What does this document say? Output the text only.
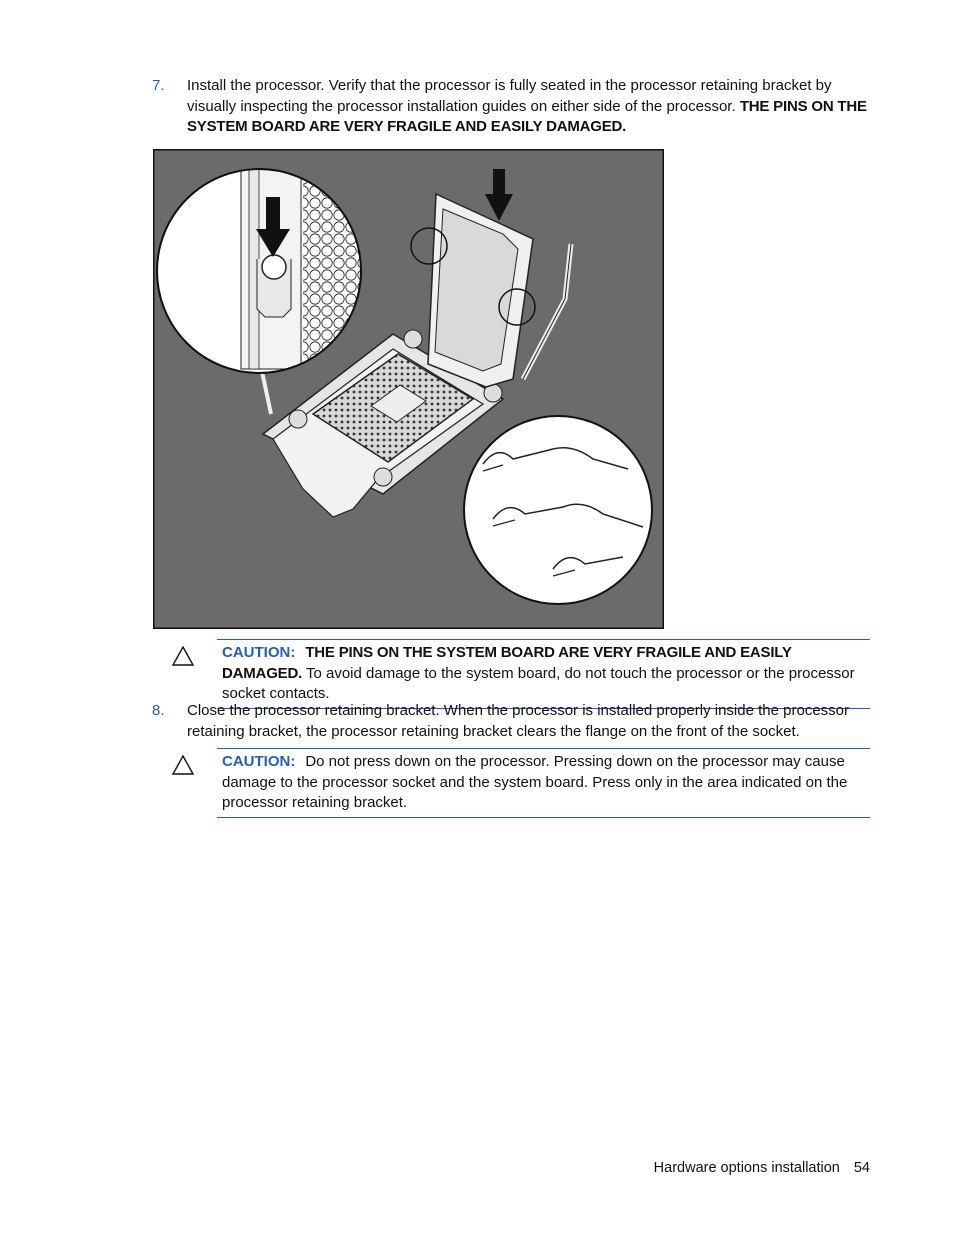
7. Install the processor. Verify that the processor is fully seated in the processor retaining bracket by visually inspecting the processor installation guides on either side of the processor. THE PINS ON THE SYSTEM BOARD ARE VERY FRAGILE AND EASILY DAMAGED.
CAUTION: THE PINS ON THE SYSTEM BOARD ARE VERY FRAGILE AND EASILY DAMAGED. To avoid damage to the system board, do not touch the processor or the processor socket contacts.
8. Close the processor retaining bracket. When the processor is installed properly inside the processor retaining bracket, the processor retaining bracket clears the flange on the front of the socket.
CAUTION: Do not press down on the processor. Pressing down on the processor may cause damage to the processor socket and the system board. Press only in the area indicated on the processor retaining bracket.
Hardware options installation 54
